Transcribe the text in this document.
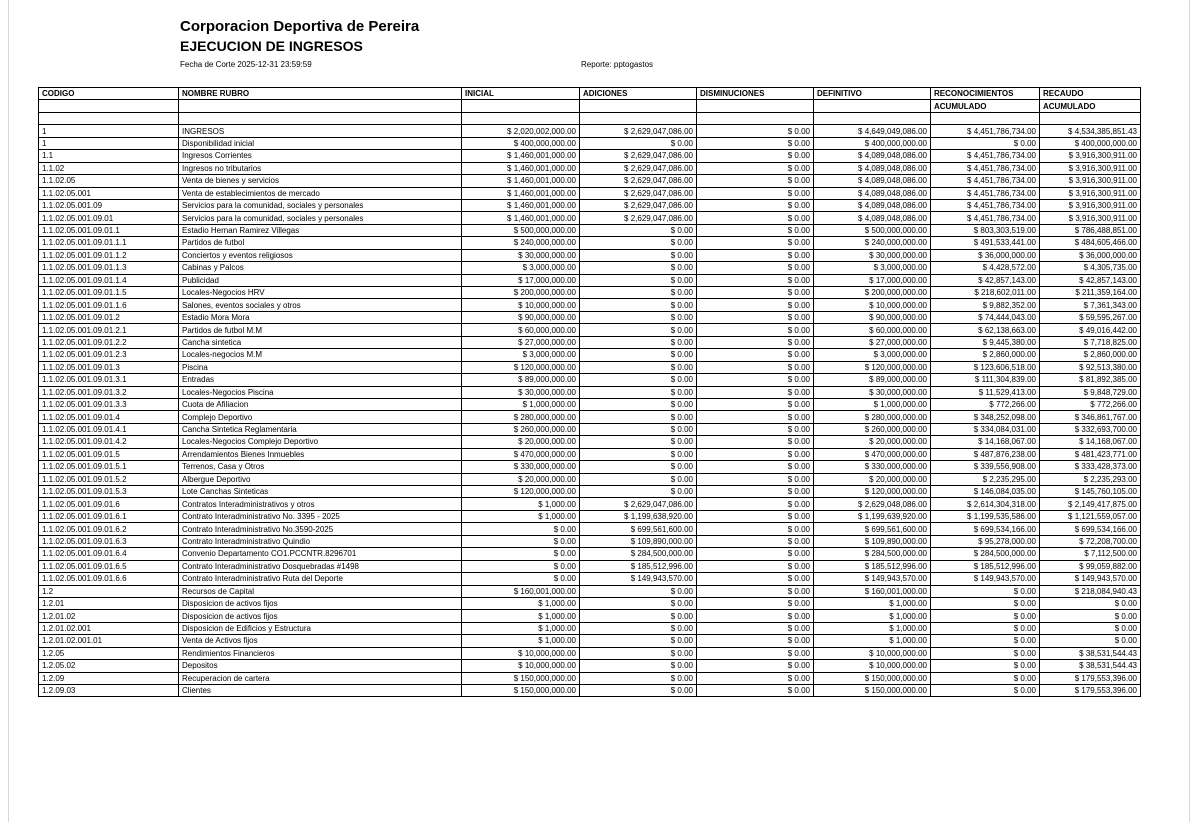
Corporacion Deportiva de Pereira
EJECUCION DE INGRESOS
Fecha de Corte 2025-12-31 23:59:59	Reporte: pptogastos
CODIGO	NOMBRE RUBRO	INICIAL	ADICIONES	DISMINUCIONES	DEFINITIVO	RECONOCIMIENTOS	RECAUDO
						ACUMULADO	ACUMULADO

1	INGRESOS	$ 2,020,002,000.00	$ 2,629,047,086.00	$ 0.00	$ 4,649,049,086.00	$ 4,451,786,734.00	$ 4,534,385,851.43
1	Disponibilidad inicial	$ 400,000,000.00	$ 0.00	$ 0.00	$ 400,000,000.00	$ 0.00	$ 400,000,000.00
1.1	Ingresos Corrientes	$ 1,460,001,000.00	$ 2,629,047,086.00	$ 0.00	$ 4,089,048,086.00	$ 4,451,786,734.00	$ 3,916,300,911.00
1.1.02	Ingresos no tributarios	$ 1,460,001,000.00	$ 2,629,047,086.00	$ 0.00	$ 4,089,048,086.00	$ 4,451,786,734.00	$ 3,916,300,911.00
1.1.02.05	Venta de bienes y servicios	$ 1,460,001,000.00	$ 2,629,047,086.00	$ 0.00	$ 4,089,048,086.00	$ 4,451,786,734.00	$ 3,916,300,911.00
1.1.02.05.001	Venta de establecimientos de mercado	$ 1,460,001,000.00	$ 2,629,047,086.00	$ 0.00	$ 4,089,048,086.00	$ 4,451,786,734.00	$ 3,916,300,911.00
1.1.02.05.001.09	Servicios para la comunidad, sociales y personales	$ 1,460,001,000.00	$ 2,629,047,086.00	$ 0.00	$ 4,089,048,086.00	$ 4,451,786,734.00	$ 3,916,300,911.00
1.1.02.05.001.09.01	Servicios para la comunidad, sociales y personales	$ 1,460,001,000.00	$ 2,629,047,086.00	$ 0.00	$ 4,089,048,086.00	$ 4,451,786,734.00	$ 3,916,300,911.00
1.1.02.05.001.09.01.1	Estadio Hernan Ramirez Villegas	$ 500,000,000.00	$ 0.00	$ 0.00	$ 500,000,000.00	$ 803,303,519.00	$ 786,488,851.00
1.1.02.05.001.09.01.1.1	Partidos de futbol	$ 240,000,000.00	$ 0.00	$ 0.00	$ 240,000,000.00	$ 491,533,441.00	$ 484,605,466.00
1.1.02.05.001.09.01.1.2	Conciertos y eventos religiosos	$ 30,000,000.00	$ 0.00	$ 0.00	$ 30,000,000.00	$ 36,000,000.00	$ 36,000,000.00
1.1.02.05.001.09.01.1.3	Cabinas y Palcos	$ 3,000,000.00	$ 0.00	$ 0.00	$ 3,000,000.00	$ 4,428,572.00	$ 4,305,735.00
1.1.02.05.001.09.01.1.4	Publicidad	$ 17,000,000.00	$ 0.00	$ 0.00	$ 17,000,000.00	$ 42,857,143.00	$ 42,857,143.00
1.1.02.05.001.09.01.1.5	Locales-Negocios HRV	$ 200,000,000.00	$ 0.00	$ 0.00	$ 200,000,000.00	$ 218,602,011.00	$ 211,359,164.00
1.1.02.05.001.09.01.1.6	Salones, eventos sociales y otros	$ 10,000,000.00	$ 0.00	$ 0.00	$ 10,000,000.00	$ 9,882,352.00	$ 7,361,343.00
1.1.02.05.001.09.01.2	Estadio Mora Mora	$ 90,000,000.00	$ 0.00	$ 0.00	$ 90,000,000.00	$ 74,444,043.00	$ 59,595,267.00
1.1.02.05.001.09.01.2.1	Partidos de futbol M.M	$ 60,000,000.00	$ 0.00	$ 0.00	$ 60,000,000.00	$ 62,138,663.00	$ 49,016,442.00
1.1.02.05.001.09.01.2.2	Cancha sintetica	$ 27,000,000.00	$ 0.00	$ 0.00	$ 27,000,000.00	$ 9,445,380.00	$ 7,718,825.00
1.1.02.05.001.09.01.2.3	Locales-negocios M.M	$ 3,000,000.00	$ 0.00	$ 0.00	$ 3,000,000.00	$ 2,860,000.00	$ 2,860,000.00
1.1.02.05.001.09.01.3	Piscina	$ 120,000,000.00	$ 0.00	$ 0.00	$ 120,000,000.00	$ 123,606,518.00	$ 92,513,380.00
1.1.02.05.001.09.01.3.1	Entradas	$ 89,000,000.00	$ 0.00	$ 0.00	$ 89,000,000.00	$ 111,304,839.00	$ 81,892,385.00
1.1.02.05.001.09.01.3.2	Locales-Negocios Piscina	$ 30,000,000.00	$ 0.00	$ 0.00	$ 30,000,000.00	$ 11,529,413.00	$ 9,848,729.00
1.1.02.05.001.09.01.3.3	Cuota de Afiliacion	$ 1,000,000.00	$ 0.00	$ 0.00	$ 1,000,000.00	$ 772,266.00	$ 772,266.00
1.1.02.05.001.09.01.4	Complejo Deportivo	$ 280,000,000.00	$ 0.00	$ 0.00	$ 280,000,000.00	$ 348,252,098.00	$ 346,861,767.00
1.1.02.05.001.09.01.4.1	Cancha Sintetica Reglamentaria	$ 260,000,000.00	$ 0.00	$ 0.00	$ 260,000,000.00	$ 334,084,031.00	$ 332,693,700.00
1.1.02.05.001.09.01.4.2	Locales-Negocios Complejo Deportivo	$ 20,000,000.00	$ 0.00	$ 0.00	$ 20,000,000.00	$ 14,168,067.00	$ 14,168,067.00
1.1.02.05.001.09.01.5	Arrendamientos Bienes Inmuebles	$ 470,000,000.00	$ 0.00	$ 0.00	$ 470,000,000.00	$ 487,876,238.00	$ 481,423,771.00
1.1.02.05.001.09.01.5.1	Terrenos, Casa y Otros	$ 330,000,000.00	$ 0.00	$ 0.00	$ 330,000,000.00	$ 339,556,908.00	$ 333,428,373.00
1.1.02.05.001.09.01.5.2	Albergue Deportivo	$ 20,000,000.00	$ 0.00	$ 0.00	$ 20,000,000.00	$ 2,235,295.00	$ 2,235,293.00
1.1.02.05.001.09.01.5.3	Lote Canchas Sinteticas	$ 120,000,000.00	$ 0.00	$ 0.00	$ 120,000,000.00	$ 146,084,035.00	$ 145,760,105.00
1.1.02.05.001.09.01.6	Contratos Interadministrativos y otros	$ 1,000.00	$ 2,629,047,086.00	$ 0.00	$ 2,629,048,086.00	$ 2,614,304,318.00	$ 2,149,417,875.00
1.1.02.05.001.09.01.6.1	Contrato Interadministrativo No. 3395 - 2025	$ 1,000.00	$ 1,199,638,920.00	$ 0.00	$ 1,199,639,920.00	$ 1,199,535,586.00	$ 1,121,559,057.00
1.1.02.05.001.09.01.6.2	Contrato Interadministrativo No.3590-2025	$ 0.00	$ 699,561,600.00	$ 0.00	$ 699,561,600.00	$ 699,534,166.00	$ 699,534,166.00
1.1.02.05.001.09.01.6.3	Contrato Interadministrativo Quindio	$ 0.00	$ 109,890,000.00	$ 0.00	$ 109,890,000.00	$ 95,278,000.00	$ 72,208,700.00
1.1.02.05.001.09.01.6.4	Convenio Departamento CO1.PCCNTR.8296701	$ 0.00	$ 284,500,000.00	$ 0.00	$ 284,500,000.00	$ 284,500,000.00	$ 7,112,500.00
1.1.02.05.001.09.01.6.5	Contrato Interadministrativo Dosquebradas #1498	$ 0.00	$ 185,512,996.00	$ 0.00	$ 185,512,996.00	$ 185,512,996.00	$ 99,059,882.00
1.1.02.05.001.09.01.6.6	Contrato Interadministrativo Ruta del Deporte	$ 0.00	$ 149,943,570.00	$ 0.00	$ 149,943,570.00	$ 149,943,570.00	$ 149,943,570.00
1.2	Recursos de Capital	$ 160,001,000.00	$ 0.00	$ 0.00	$ 160,001,000.00	$ 0.00	$ 218,084,940.43
1.2.01	Disposicion de activos fijos	$ 1,000.00	$ 0.00	$ 0.00	$ 1,000.00	$ 0.00	$ 0.00
1.2.01.02	Disposicion de activos fijos	$ 1,000.00	$ 0.00	$ 0.00	$ 1,000.00	$ 0.00	$ 0.00
1.2.01.02.001	Disposicion de Edificios y Estructura	$ 1,000.00	$ 0.00	$ 0.00	$ 1,000.00	$ 0.00	$ 0.00
1.2.01.02.001.01	Venta de Activos fijos	$ 1,000.00	$ 0.00	$ 0.00	$ 1,000.00	$ 0.00	$ 0.00
1.2.05	Rendimientos Financieros	$ 10,000,000.00	$ 0.00	$ 0.00	$ 10,000,000.00	$ 0.00	$ 38,531,544.43
1.2.05.02	Depositos	$ 10,000,000.00	$ 0.00	$ 0.00	$ 10,000,000.00	$ 0.00	$ 38,531,544.43
1.2.09	Recuperacion de cartera	$ 150,000,000.00	$ 0.00	$ 0.00	$ 150,000,000.00	$ 0.00	$ 179,553,396.00
1.2.09.03	Clientes	$ 150,000,000.00	$ 0.00	$ 0.00	$ 150,000,000.00	$ 0.00	$ 179,553,396.00
